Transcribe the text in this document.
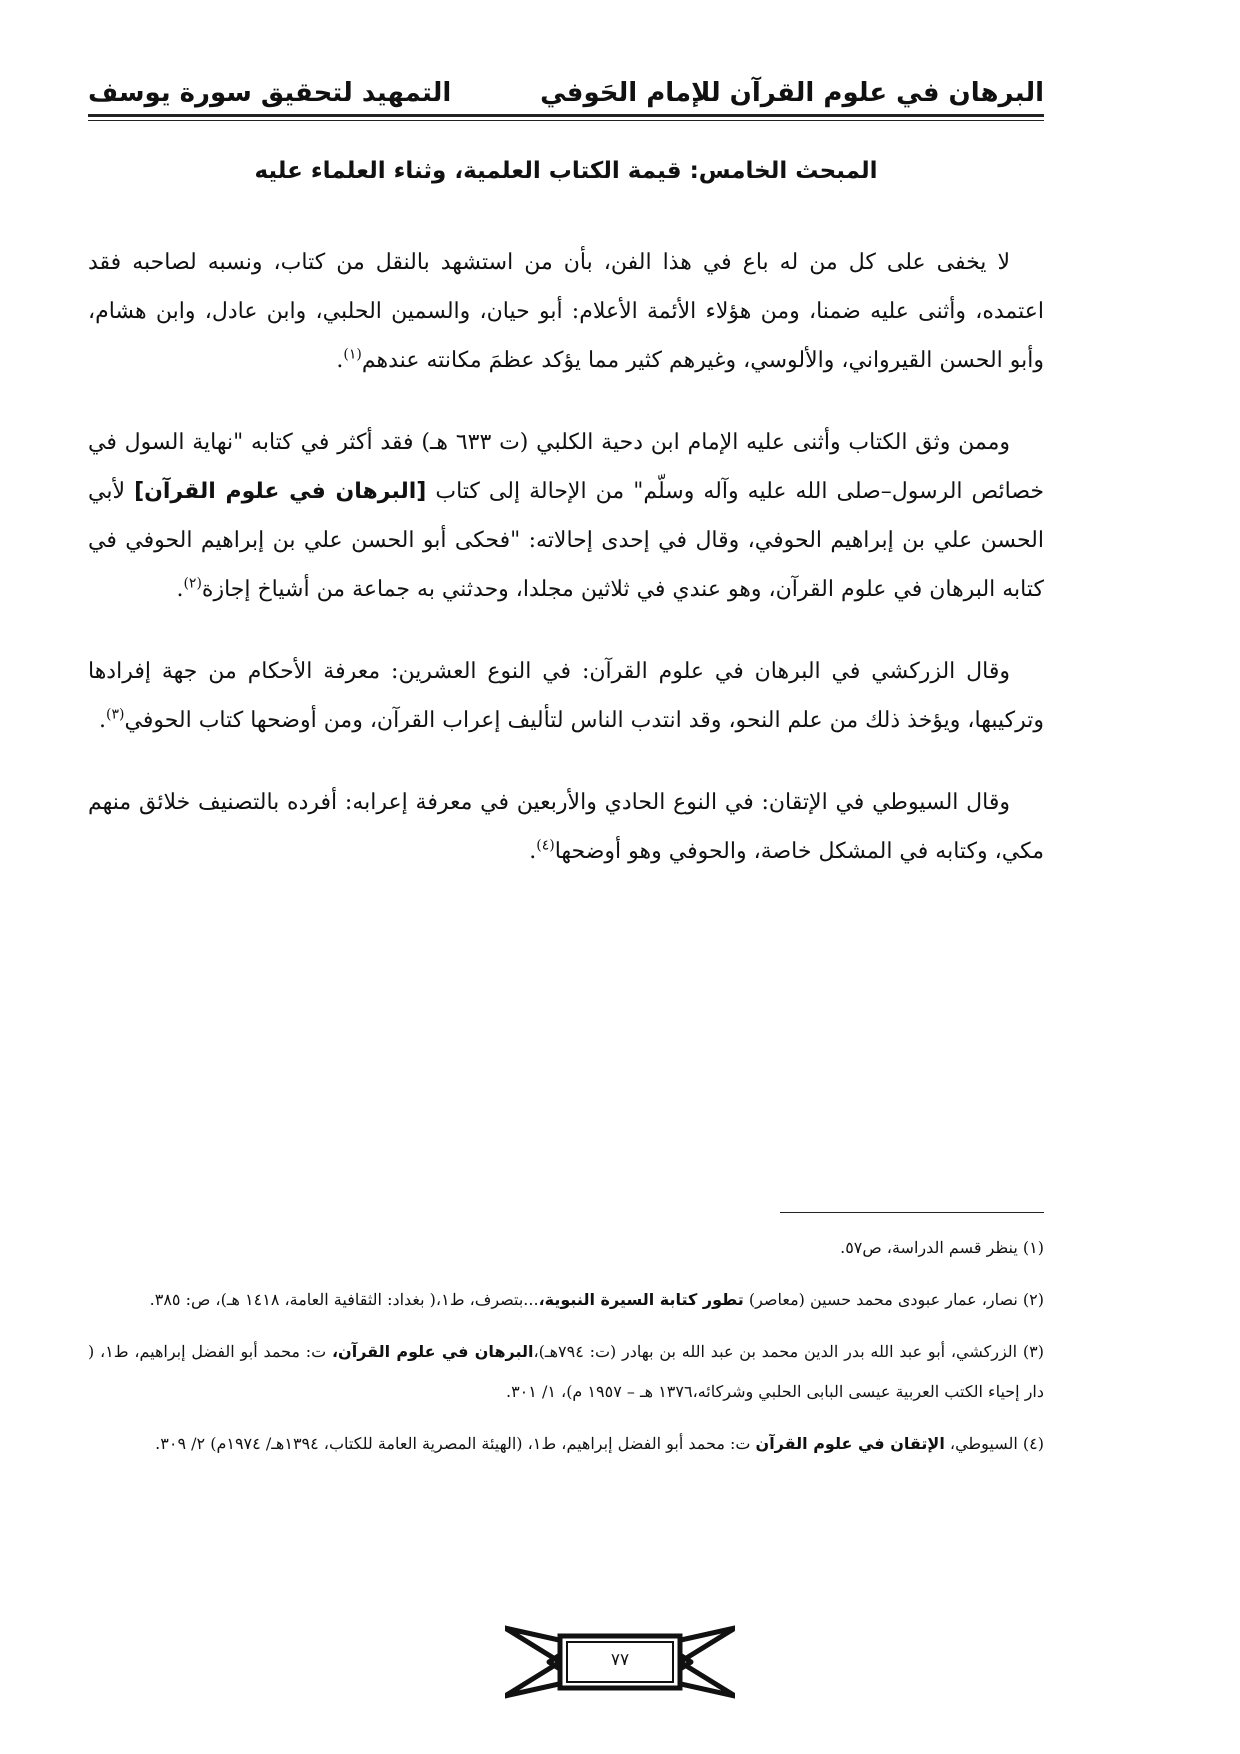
البرهان في علوم القرآن للإمام الحَوفي
التمهيد لتحقيق سورة يوسف
المبحث الخامس: قيمة الكتاب العلمية، وثناء العلماء عليه

لا يخفى على كل من له باع في هذا الفن، بأن من استشهد بالنقل من كتاب، ونسبه لصاحبه فقد اعتمده، وأثنى عليه ضمنا، ومن هؤلاء الأئمة الأعلام: أبو حيان، والسمين الحلبي، وابن عادل، وابن هشام، وأبو الحسن القيرواني، والألوسي، وغيرهم كثير مما يؤكد عظمَ مكانته عندهم$^{(١)}$.

وممن وثق الكتاب وأثنى عليه الإمام ابن دحية الكلبي (ت ٦٣٣ هـ) فقد أكثر في كتابه "نهاية السول في خصائص الرسول–صلى الله عليه وآله وسلّم" من الإحالة إلى كتاب [البرهان في علوم القرآن] لأبي الحسن علي بن إبراهيم الحوفي، وقال في إحدى إحالاته: "فحكى أبو الحسن علي بن إبراهيم الحوفي في كتابه البرهان في علوم القرآن، وهو عندي في ثلاثين مجلدا، وحدثني به جماعة من أشياخ إجازة$^{(٢)}$.

وقال الزركشي في البرهان في علوم القرآن: في النوع العشرين: معرفة الأحكام من جهة إفرادها وتركيبها، ويؤخذ ذلك من علم النحو، وقد انتدب الناس لتأليف إعراب القرآن، ومن أوضحها كتاب الحوفي$^{(٣)}$.

وقال السيوطي في الإتقان: في النوع الحادي والأربعين في معرفة إعرابه: أفرده بالتصنيف خلائق منهم مكي، وكتابه في المشكل خاصة، والحوفي وهو أوضحها$^{(٤)}$.

(١) ينظر قسم الدراسة، ص٥٧.

(٢) نصار، عمار عبودى محمد حسين (معاصر) تطور كتابة السيرة النبوية،...بتصرف، ط١،( بغداد: الثقافية العامة، ١٤١٨ هـ)، ص: ٣٨٥.

(٣) الزركشي، أبو عبد الله بدر الدين محمد بن عبد الله بن بهادر (ت: ٧٩٤هـ)،البرهان في علوم القرآن، ت: محمد أبو الفضل إبراهيم، ط١، ( دار إحياء الكتب العربية عيسى البابى الحلبي وشركائه،١٣٧٦ هـ – ١٩٥٧ م)، ١/ ٣٠١.

(٤) السيوطي، الإتقان في علوم القرآن ت: محمد أبو الفضل إبراهيم، ط١، (الهيئة المصرية العامة للكتاب، ١٣٩٤هـ/ ١٩٧٤م) ٢/ ٣٠٩.

٧٧
